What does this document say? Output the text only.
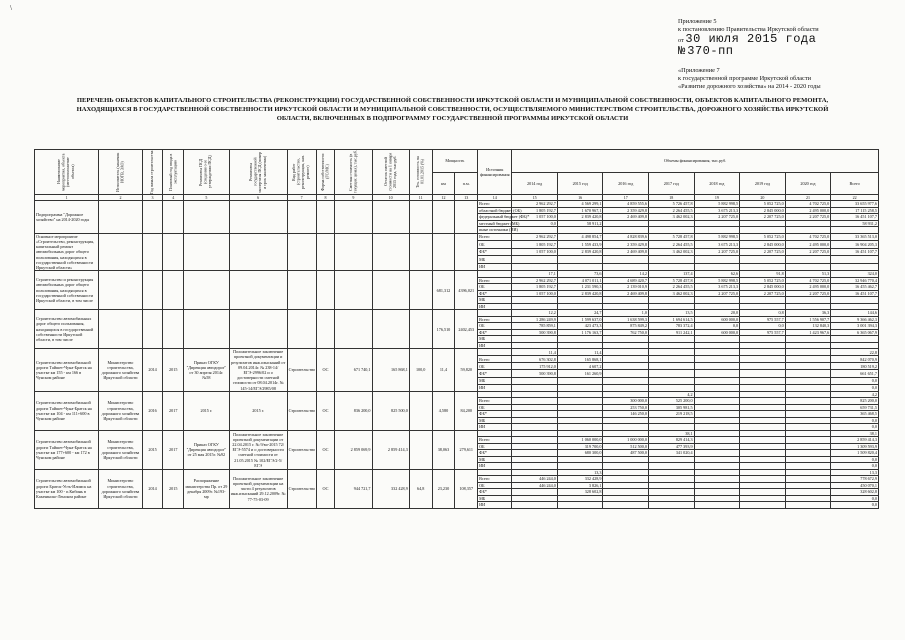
\
Приложение 5
к постановлению Правительства Иркутской области
от 30 июля 2015 года
№ 370-пп
«Приложение 7
к государственной программе Иркутской области
«Развитие дорожного хозяйства» на 2014 - 2020 годы
ПЕРЕЧЕНЬ ОБЪЕКТОВ КАПИТАЛЬНОГО СТРОИТЕЛЬСТВА (РЕКОНСТРУКЦИИ) ГОСУДАРСТВЕННОЙ СОБСТВЕННОСТИ ИРКУТСКОЙ ОБЛАСТИ И МУНИЦИПАЛЬНОЙ СОБСТВЕННОСТИ, ОБЪЕКТОВ КАПИТАЛЬНОГО РЕМОНТА,
НАХОДЯЩИХСЯ В ГОСУДАРСТВЕННОЙ СОБСТВЕННОСТИ ИРКУТСКОЙ ОБЛАСТИ И МУНИЦИПАЛЬНОЙ СОБСТВЕННОСТИ, ОСУЩЕСТВЛЯЕМОГО МИНИСТЕРСТВОМ СТРОИТЕЛЬСТВА, ДОРОЖНОГО ХОЗЯЙСТВА ИРКУТСКОЙ
ОБЛАСТИ, ВКЛЮЧЕННЫХ В ПОДПРОГРАММУ ГОСУДАРСТВЕННОЙ ПРОГРАММЫ ИРКУТСКОЙ ОБЛАСТИ
Наименование мероприятия, объекта (местоположение объекта)	Исполнитель (заказчик ИОГВ, ЗАО)	Год начала строительства	Плановый год ввода в эксплуатацию	Реквизиты ПСД (сведения о ее утверждении ПСД)	Реквизиты государственной экспертизы ПСД (номер и срок заключения)	Вид работ (строительство, реконструкция, кап. ремонт)	Форма собственности (ГС/МС)	Сметная стоимость (в текущих ценах), тыс.руб.	Остаток сметной стоимости на 1 января 2015 года, тыс.руб.	Тех. готовность на 01.01.2015 (%)	Мощность		Источник финансирования	Объемы финансирования, тыс.руб.							
											км	п.м.		2014 год	2015 год	2016 год	2017 год	2018 год	2019 год	2020 год	Всего
1	2	3	4	5	6	7	8	9	10	11	12	13	14	15	16	17	18	19	20	21	22
Подпрограмма "Дорожное хозяйство" на 2014-2020 годы													Всего	2 962 292,7	4 569 299,1	4 859 555,6	5 726 457,8	5 882 998,5	5 052 725,0	4 702 725,0	33 655 977,6
													областной бюджет (ОБ)	1 805 192,7	1 670 967,1	2 359 429,8	2 264 455,5	3 675 213,3	2 845 000,0	2 495 000,0	17 115 258,5
													федеральный бюджет (ФБ)*	1 057 100,0	2 839 420,8	2 469 409,8	3 462 002,3	2 207 725,0	2 207 725,0	2 207 725,0	16 451 107,7
													местный бюджет (МБ)	0,0	58 911,2						58 931,2
													иные источники (ИИ)								
Основное мероприятие «Строительство, реконструкция, капитальный ремонт автомобильных дорог общего пользования, находящихся в государственной собственности Иркутской области»													Всего	2 962 292,7	4 498 854,7	4 828 839,6	5 728 457,8	5 882 998,5	5 052 725,0	4 702 725,0	33 365 513,0
													ОБ	1 805 192,7	1 559 433,9	2 359 429,8	2 264 455,5	3 675 213,3	2 845 000,0	2 495 000,0	16 904 205,3
													ФБ*	1 057 100,0	2 839 420,8	2 469 409,8	3 462 002,3	2 207 725,0	2 207 725,0	2 207 725,0	16 451 107,7
													МБ								
													ИИ								
Строительство и реконструкция автомобильных дорог общего пользования, находящихся в государственной собственности Иркутской области, в том числе											681,312	4396,021		17,1	73,6	14,2	137,4	62,6	91,8	51,3	324,0
													Всего	2 962 292,7	4 071 011,1	4 689 420,7	5 728 457,8	5 882 998,5	5 052 725,0	4 702 725,0	32 946 770,4
													ОБ	1 805 192,7	1 231 590,3	2 139 010,9	2 264 455,5	3 675 213,3	2 845 000,0	2 495 000,0	16 455 462,7
													ФБ*	1 057 100,0	2 839 420,8	2 469 409,8	3 462 002,3	2 207 725,0	2 207 725,0	2 207 725,0	16 451 107,7
													МБ								
													ИИ								
Строительство автомобильных дорог общего пользования, находящихся в государственной собственности Иркутской области, в том числе											176,510	2402,453		12,2	24,7	1,0	13,5	20,0	0,8	36,3	144,6
													Всего	1 286 249,9	1 599 637,0	1 638 599,3	1 694 614,5	600 000,0	975 557,7	1 556 907,7	9 366 462,3
													ОБ	785 859,1	423 473,3	875 849,2	783 372,4	0,0	0,0	132 840,3	3 001 394,3
													ФБ*	500 390,8	1 176 163,7	762 750,0	911 242,1	600 000,0	975 557,7	1 423 967,6	6 365 067,9
													МБ								
													ИИ								
Строительство автомобильной дороги Тайшет-Чуна-Братск на участке км 155 - км 166 в Чунском районе	Министерство строительства, дорожного хозяйства Иркутской области	2014	2015	Приказ ОГКУ "Дирекция автодорог" от 30 апреля 2014г. №58	Положительное заключение проектной документации и результатов инж.изысканий от 09.04.2014г. № 238-14/ЕГЭ-2996/02 и о достоверности сметной стоимости от 08.04.2014г. № 145-14/ЕГЭ/2985/08	Строительство	ОС	671 740,1	165 868,1	100,0	11,4	59,820		11,4	11,4						22,8
													Всего	676 302,8	165 868,1						842 070,9
													ОБ	175 912,0	4 607,2						180 519,2
													ФБ*	500 390,8	161 260,9						661 651,7
													МБ								0,0
													ИИ								0,0
Строительство автомобильной дороги Тайшет-Чуна-Братск на участке км 104 - км 111+600 в Чунском районе	Министерство строительства, дорожного хозяйства Иркутской области	2016	2017	2015 г.	2015 г.	Строительство	ОС	836 200,0	825 500,0		4,580	84,200					4,2				4,2
													Всего			300 000,0	525 200,0				825 200,0
													ОБ			253 750,0	305 981,5				659 731,5
													ФБ*			146 250,0	219 218,5				365 468,5
													МБ								0,0
													ИИ								0,0
Строительство автомобильной дороги Тайшет-Чуна-Братск на участке км 177+600 - км 172 в Чунском районе	Министерство строительства, дорожного хозяйства Иркутской области	2015	2017	Приказ ОГКУ "Дирекция автодорог" от 25 мая 2015г. №92	Положительное заключение проектной документации от 22.04.2015 г. № 9/во-2015 72/ЕГЭ-5574 и о достоверности сметной стоимости от 21.05.2015 № 102/ЕГЭ/2-5/ЕГЭ	Строительство	ОС	2 859 069,9	2 859 414,3		38,063	279,611					38,1				38,1
													Всего		1 060 000,0	1 000 000,0	829 414,3				2 859 414,3
													ОБ		319 700,0	512 500,0	477 393,9				1 309 593,9
													ФБ*		680 300,0	487 500,0	341 020,4				1 509 820,4
													МБ								0,0
													ИИ								0,0
Строительство автомобильной дороги Братск-Усть-Илимск на участке км 100 - п.Кибинь в Казачинско-Ленском районе	Министерство строительства, дорожного хозяйства Иркутской области	2014	2015	Распоряжение министерства Пр. от 29 декабря 2009г. №193-мр	Положительное заключение проектной документации на части 4 результатов инж.изысканий 29.12.2009г. № 77-75-03-09	Строительство	ОС	944 721,7	332 428,9	64,8	23,230	108,357			13,3						13,3
													Всего	446 244,0	332 428,9						778 672,9
													ОБ	446 244,0	3 826,1						450 070,1
													ФБ*		328 602,8						328 602,8
													МБ								0,0
													ИИ								0,0
